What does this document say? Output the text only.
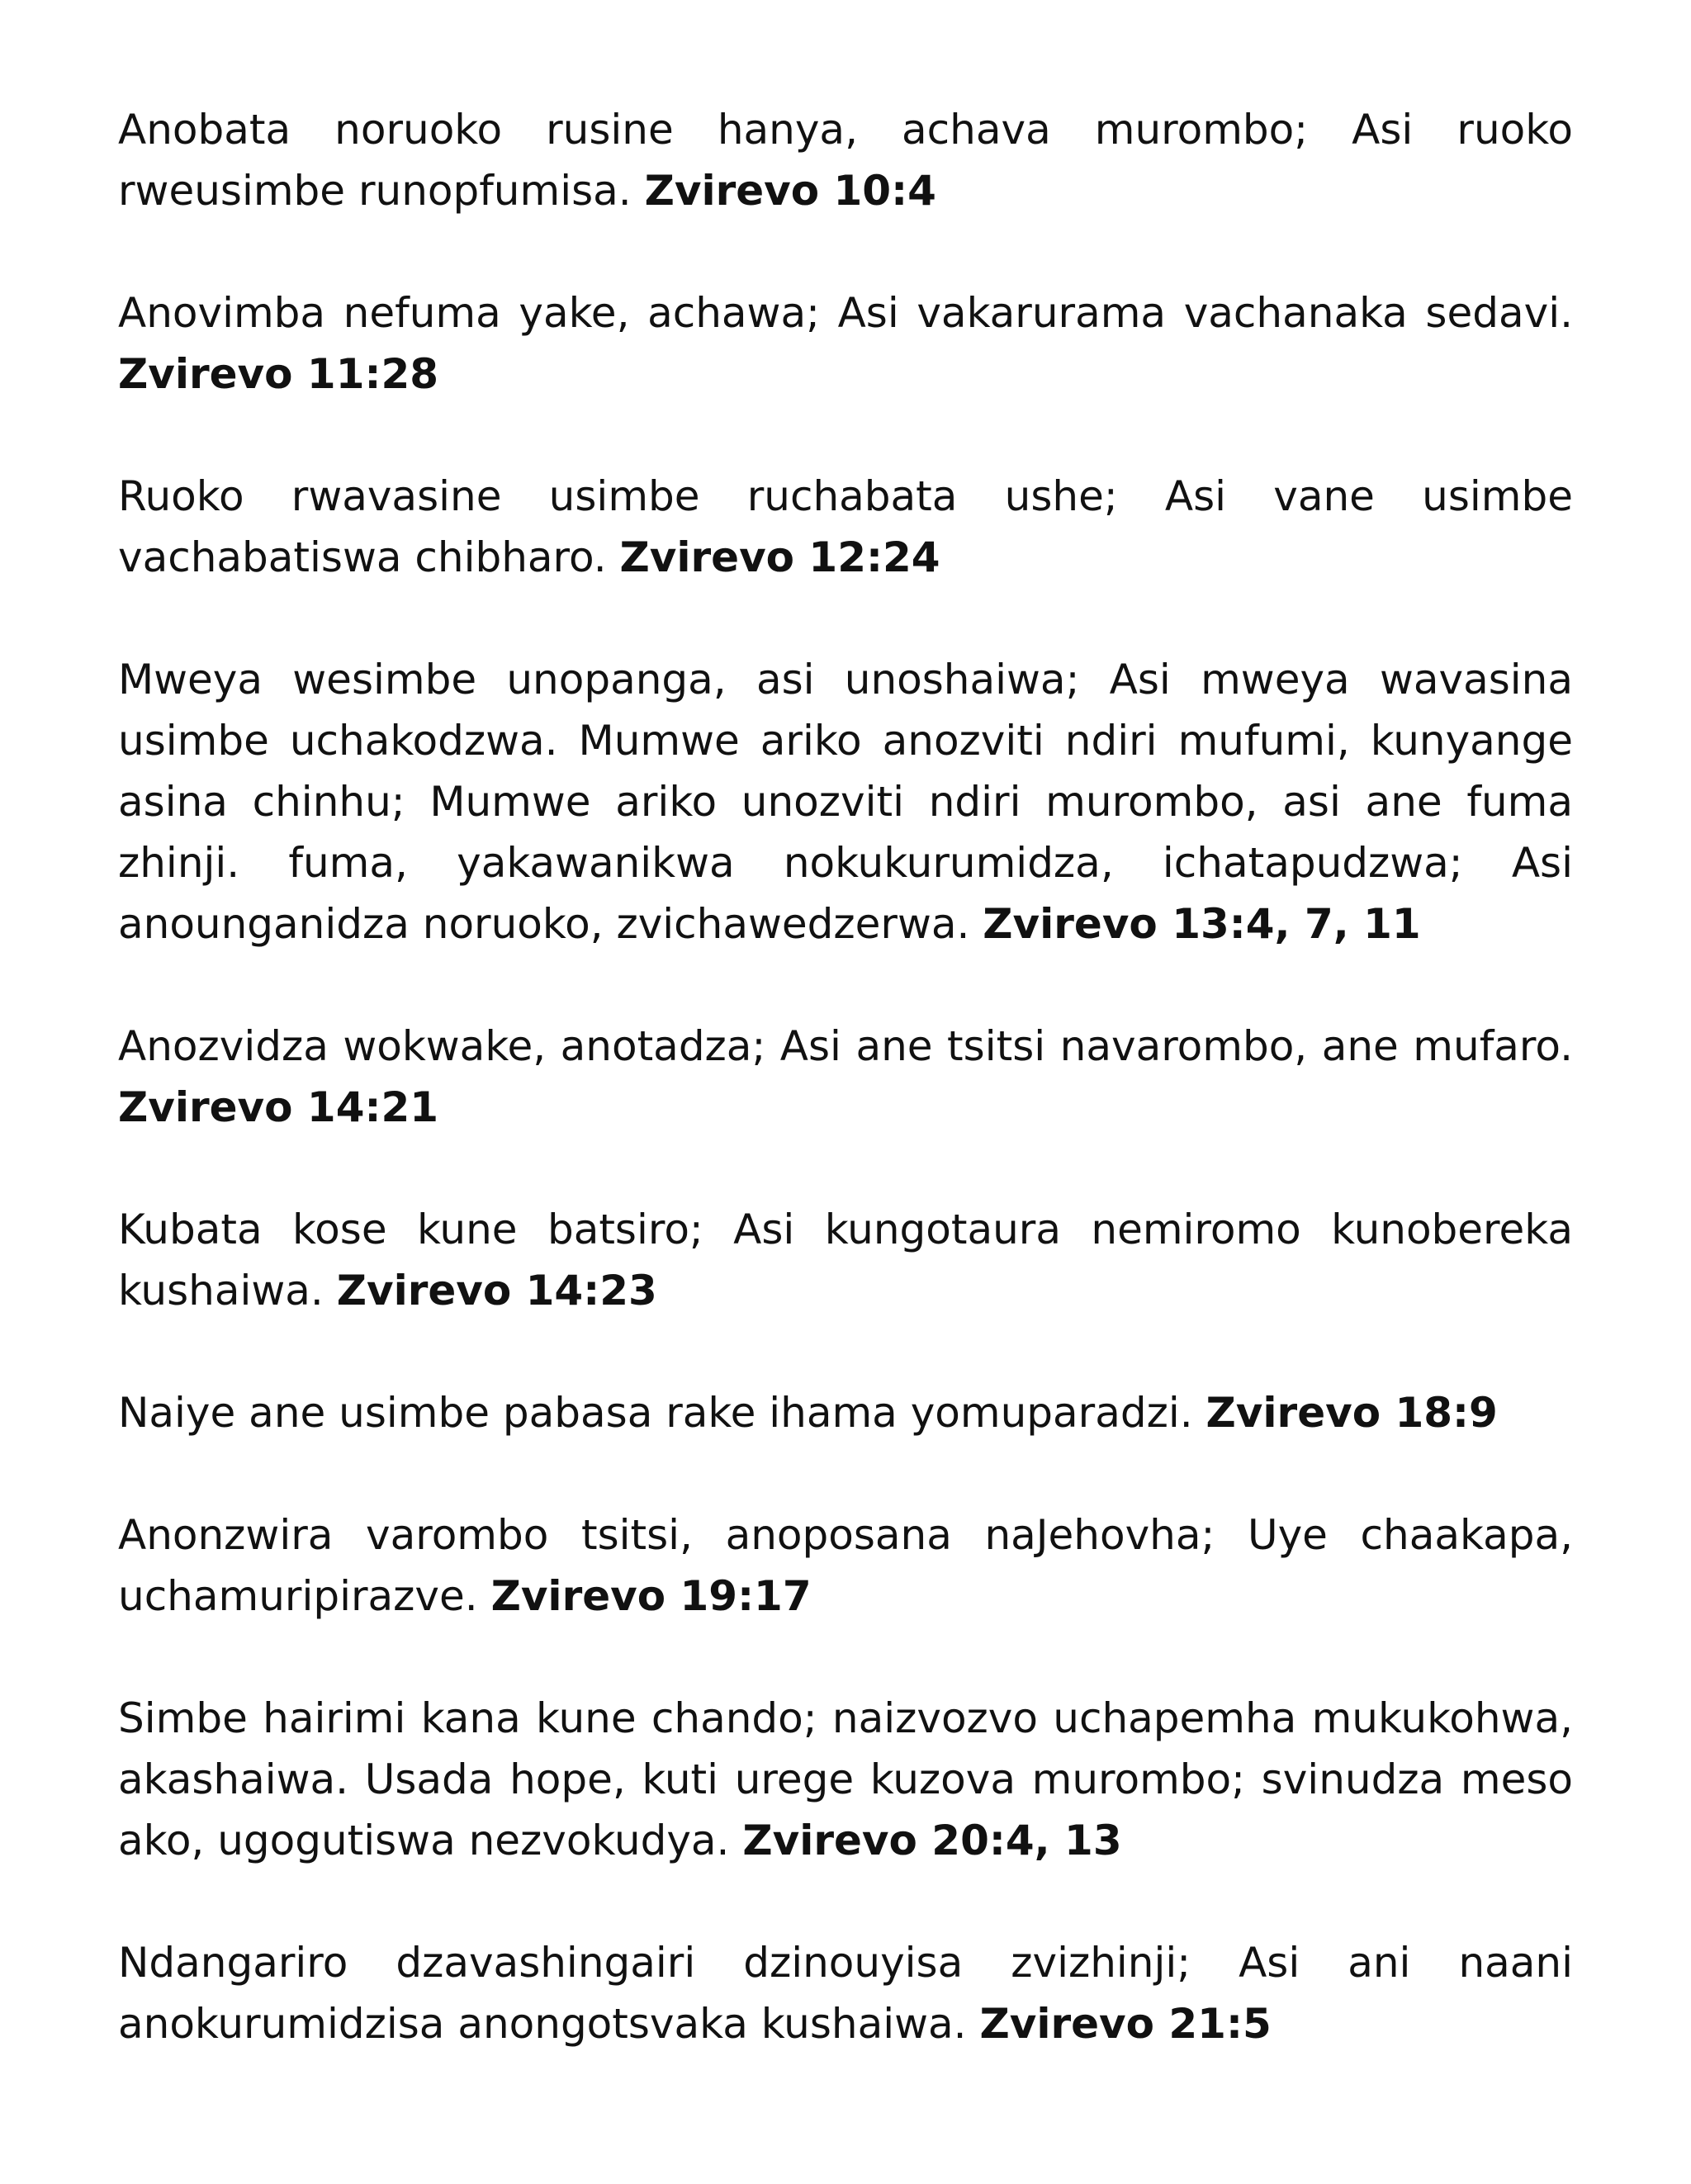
Anobata noruoko rusine hanya, achava murombo; Asi ruoko rweusimbe runopfumisa. Zvirevo 10:4

Anovimba nefuma yake, achawa; Asi vakarurama vachanaka sedavi. Zvirevo 11:28

Ruoko rwavasine usimbe ruchabata ushe; Asi vane usimbe vachabatiswa chibharo. Zvirevo 12:24

Mweya wesimbe unopanga, asi unoshaiwa; Asi mweya wavasina usimbe uchakodzwa. Mumwe ariko anozviti ndiri mufumi, kunyange asina chinhu; Mumwe ariko unozviti ndiri murombo, asi ane fuma zhinji. fuma, yakawanikwa nokukurumidza, ichatapudzwa; Asi anounganidza noruoko, zvichawedzerwa. Zvirevo 13:4, 7, 11

Anozvidza wokwake, anotadza; Asi ane tsitsi navarombo, ane mufaro. Zvirevo 14:21

Kubata kose kune batsiro; Asi kungotaura nemiromo kunobereka kushaiwa. Zvirevo 14:23

Naiye ane usimbe pabasa rake ihama yomuparadzi. Zvirevo 18:9

Anonzwira varombo tsitsi, anoposana naJehovha; Uye chaakapa, uchamuripirazve. Zvirevo 19:17

Simbe hairimi kana kune chando; naizvozvo uchapemha mukukohwa, akashaiwa. Usada hope, kuti urege kuzova murombo; svinudza meso ako, ugogutiswa nezvokudya. Zvirevo 20:4, 13

Ndangariro dzavashingairi dzinouyisa zvizhinji; Asi ani naani anokurumidzisa anongotsvaka kushaiwa. Zvirevo 21:5
